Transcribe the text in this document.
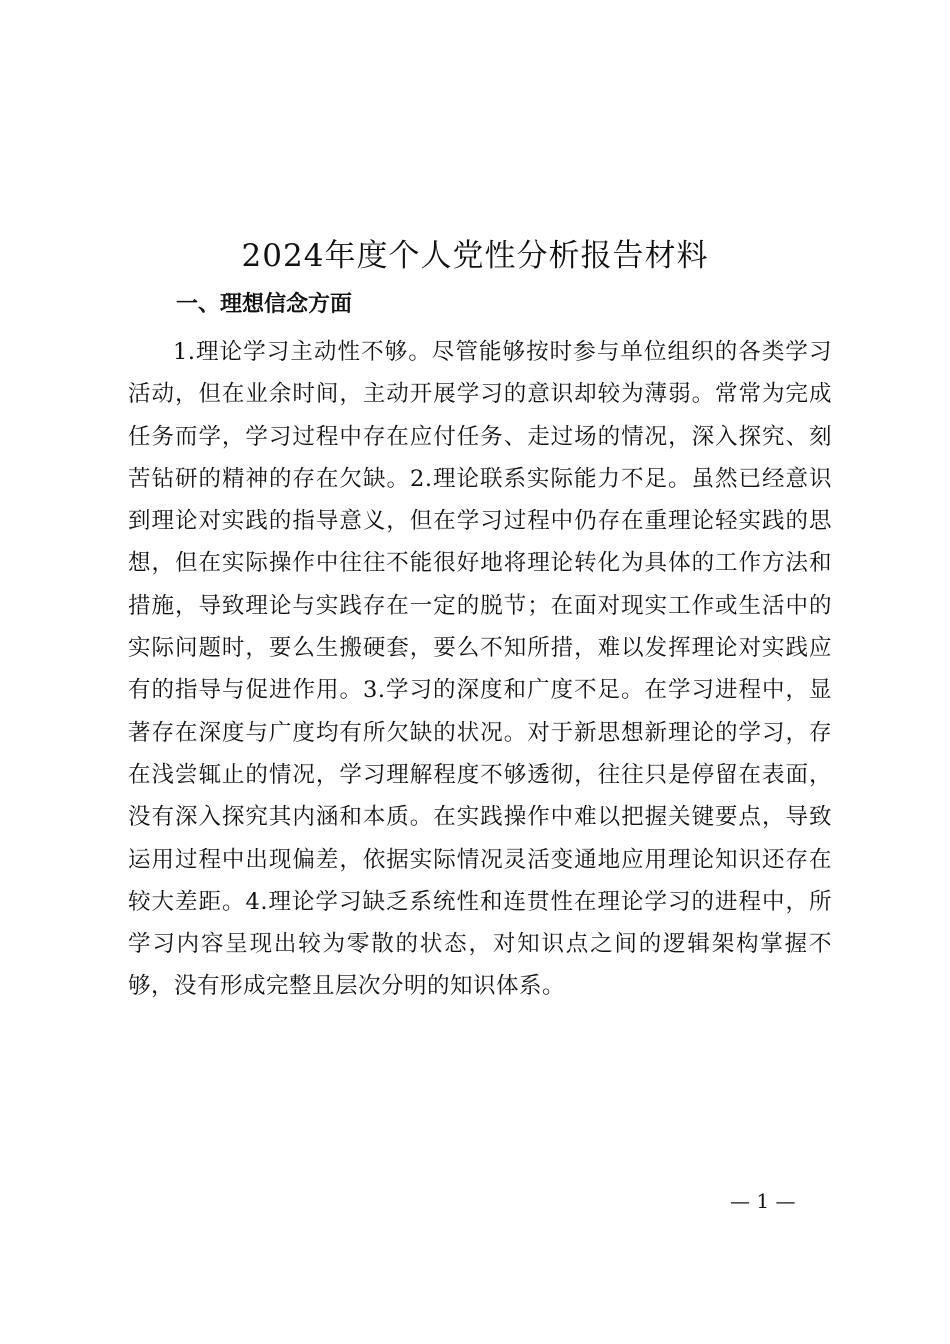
2024年度个人党性分析报告材料
一、理想信念方面

1.理论学习主动性不够。尽管能够按时参与单位组织的各类学习活动，但在业余时间，主动开展学习的意识却较为薄弱。常常为完成任务而学，学习过程中存在应付任务、走过场的情况，深入探究、刻苦钻研的精神的存在欠缺。2.理论联系实际能力不足。虽然已经意识到理论对实践的指导意义，但在学习过程中仍存在重理论轻实践的思想，但在实际操作中往往不能很好地将理论转化为具体的工作方法和措施，导致理论与实践存在一定的脱节；在面对现实工作或生活中的实际问题时，要么生搬硬套，要么不知所措，难以发挥理论对实践应有的指导与促进作用。3.学习的深度和广度不足。在学习进程中，显著存在深度与广度均有所欠缺的状况。对于新思想新理论的学习，存在浅尝辄止的情况，学习理解程度不够透彻，往往只是停留在表面，没有深入探究其内涵和本质。在实践操作中难以把握关键要点，导致运用过程中出现偏差，依据实际情况灵活变通地应用理论知识还存在较大差距。4.理论学习缺乏系统性和连贯性在理论学习的进程中，所学习内容呈现出较为零散的状态，对知识点之间的逻辑架构掌握不够，没有形成完整且层次分明的知识体系。

— 1 —
